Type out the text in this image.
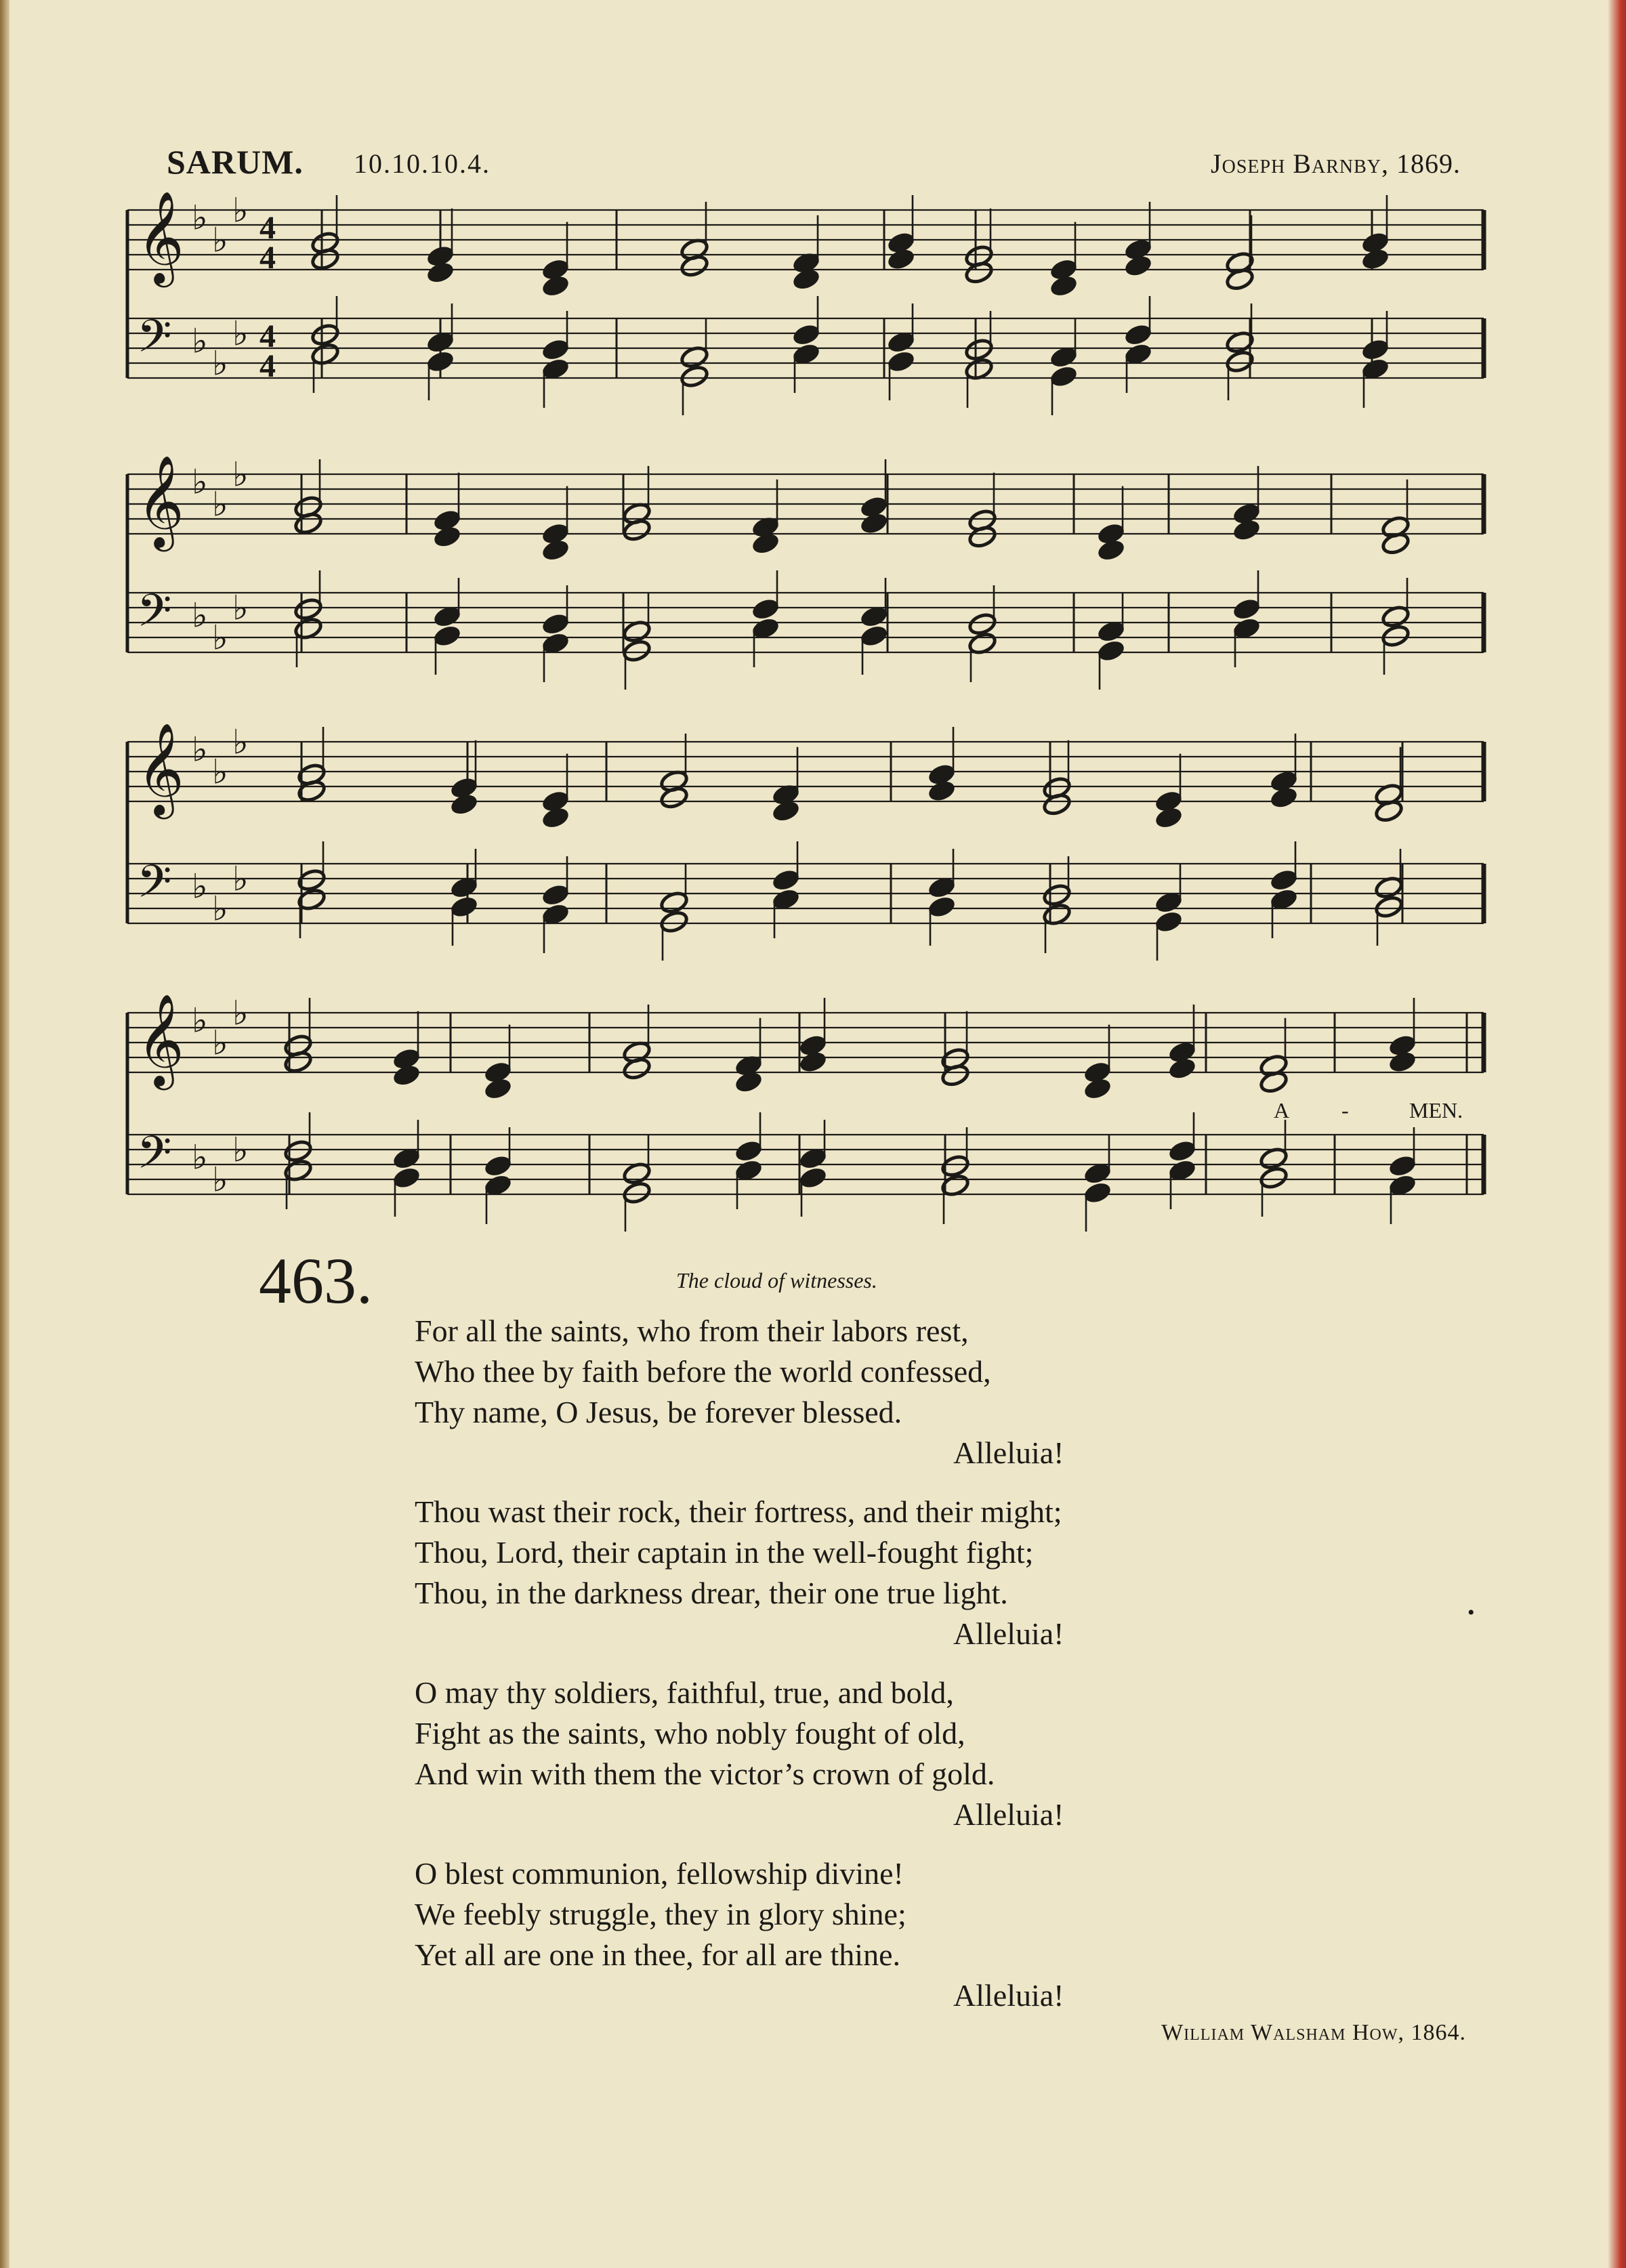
SARUM. 10.10.10.4.	Joseph Barnby, 1869.
𝄞
𝄢
♭
♭
♭
♭
♭
♭
4
4
4
4
𝄞
𝄢
♭
♭
♭
♭
♭
♭
𝄞
𝄢
♭
♭
♭
♭
♭
♭
𝄞
𝄢
♭
♭
♭
♭
♭
♭
A -	MEN.
463.	The cloud of witnesses.
For all the saints, who from their labors rest,
Who thee by faith before the world confessed,
Thy name, O Jesus, be forever blessed.
Alleluia!
Thou wast their rock, their fortress, and their might;
Thou, Lord, their captain in the well-fought fight;
Thou, in the darkness drear, their one true light.
Alleluia!
O may thy soldiers, faithful, true, and bold,
Fight as the saints, who nobly fought of old,
And win with them the victor’s crown of gold.
Alleluia!
O blest communion, fellowship divine!
We feebly struggle, they in glory shine;
Yet all are one in thee, for all are thine.
Alleluia!
William Walsham How, 1864.
•
